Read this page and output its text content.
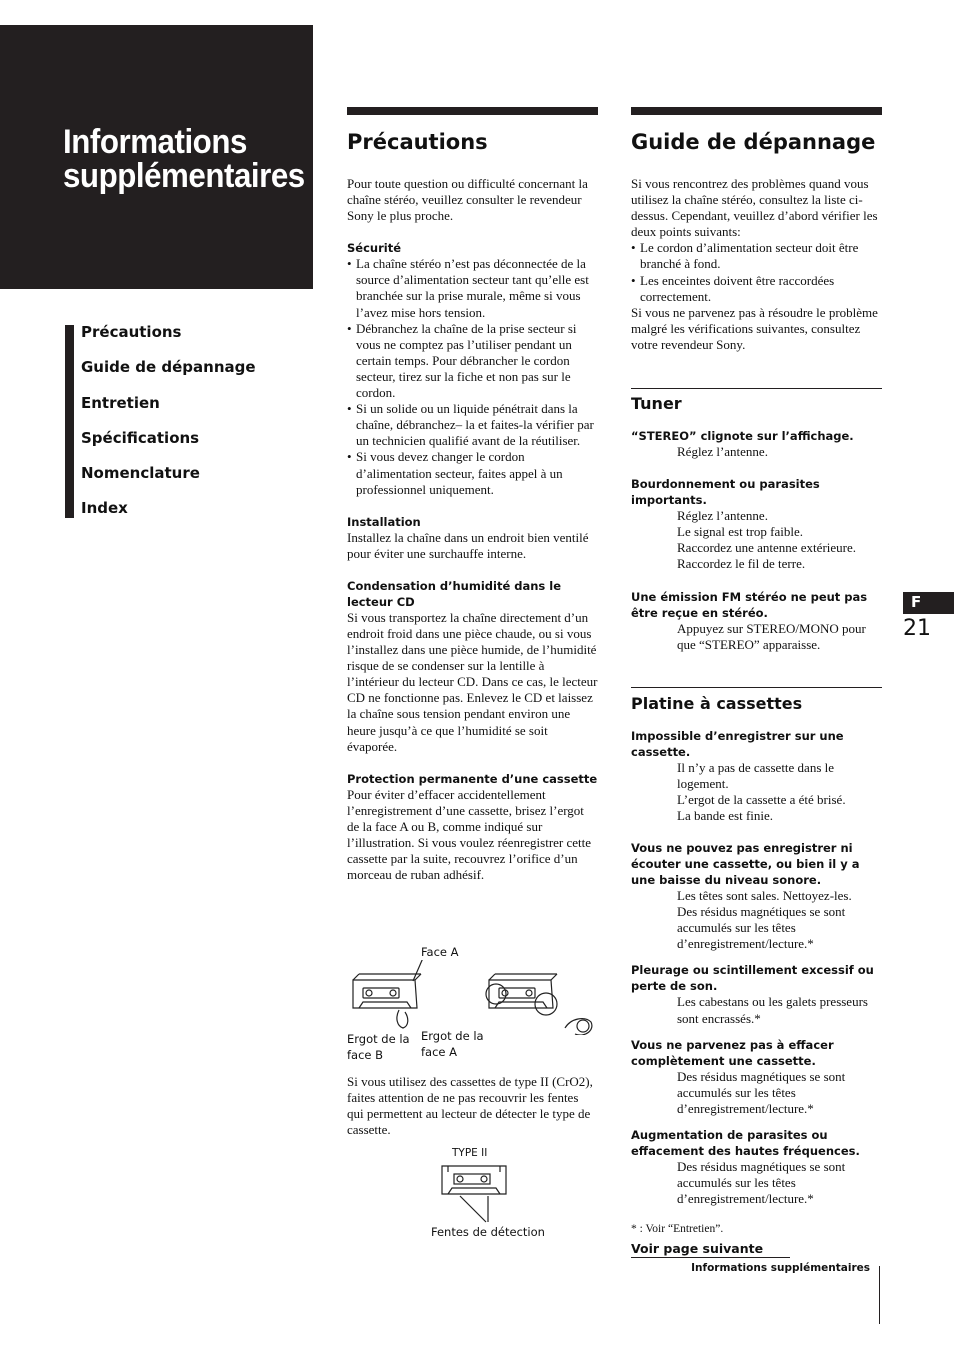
Informations supplémentaires
Précautions
Guide de dépannage
Entretien
Spécifications
Nomenclature
Index
Précautions

Pour toute question ou difficulté concernant la chaîne stéréo, veuillez consulter le revendeur Sony le plus proche.

Sécurité
• La chaîne stéréo n’est pas déconnectée de la source d’alimentation secteur tant qu’elle est branchée sur la prise murale, même si vous l’avez mise hors tension.
• Débranchez la chaîne de la prise secteur si vous ne comptez pas l’utiliser pendant un certain temps. Pour débrancher le cordon secteur, tirez sur la fiche et non pas sur le cordon.
• Si un solide ou un liquide pénétrait dans la chaîne, débranchez– la et faites-la vérifier par un technicien qualifié avant de la réutiliser.
• Si vous devez changer le cordon d’alimentation secteur, faites appel à un professionnel uniquement.
Installation

Installez la chaîne dans un endroit bien ventilé pour éviter une surchauffe interne.

Condensation d’humidité dans le lecteur CD

Si vous transportez la chaîne directement d’un endroit froid dans une pièce chaude, ou si vous l’installez dans une pièce humide, de l’humidité risque de se condenser sur la lentille à l’intérieur du lecteur CD. Dans ce cas, le lecteur CD ne fonctionne pas. Enlevez le CD et laissez la chaîne sous tension pendant environ une heure jusqu’à ce que l’humidité se soit évaporée.

Protection permanente d’une cassette

Pour éviter d’effacer accidentellement l’enregistrement d’une cassette, brisez l’ergot de la face A ou B, comme indiqué sur l’illustration. Si vous voulez réenregistrer cette cassette par la suite, recouvrez l’orifice d’un morceau de ruban adhésif.

Face A
Ergot de la face B
Ergot de la face A

Si vous utilisez des cassettes de type II (CrO2), faites attention de ne pas recouvrir les fentes qui permettent au lecteur de détecter le type de cassette.

TYPE II
Fentes de détection
Guide de dépannage

Si vous rencontrez des problèmes quand vous utilisez la chaîne stéréo, consultez la liste ci-dessus. Cependant, veuillez d’abord vérifier les deux points suivants:

• Le cordon d’alimentation secteur doit être branché à fond.
• Les enceintes doivent être raccordées correctement.

Si vous ne parvenez pas à résoudre le problème malgré les vérifications suivantes, consultez votre revendeur Sony.

Tuner
“STEREO” clignote sur l’affichage.
Réglez l’antenne.
Bourdonnement ou parasites importants.
Réglez l’antenne.
Le signal est trop faible.
Raccordez une antenne extérieure.
Raccordez le fil de terre.
Une émission FM stéréo ne peut pas être reçue en stéréo.
Appuyez sur STEREO/MONO pour que “STEREO” apparaisse.
Platine à cassettes
Impossible d’enregistrer sur une cassette.
Il n’y a pas de cassette dans le logement.
L’ergot de la cassette a été brisé.
La bande est finie.
Vous ne pouvez pas enregistrer ni écouter une cassette, ou bien il y a une baisse du niveau sonore.
Les têtes sont sales. Nettoyez-les.
Des résidus magnétiques se sont accumulés sur les têtes d’enregistrement/lecture.*
Pleurage ou scintillement excessif ou perte de son.
Les cabestans ou les galets presseurs sont encrassés.*
Vous ne parvenez pas à effacer complètement une cassette.
Des résidus magnétiques se sont accumulés sur les têtes d’enregistrement/lecture.*
Augmentation de parasites ou effacement des hautes fréquences.
Des résidus magnétiques se sont accumulés sur les têtes d’enregistrement/lecture.*
* : Voir “Entretien”.
Voir page suivante
F
21
Informations supplémentaires
